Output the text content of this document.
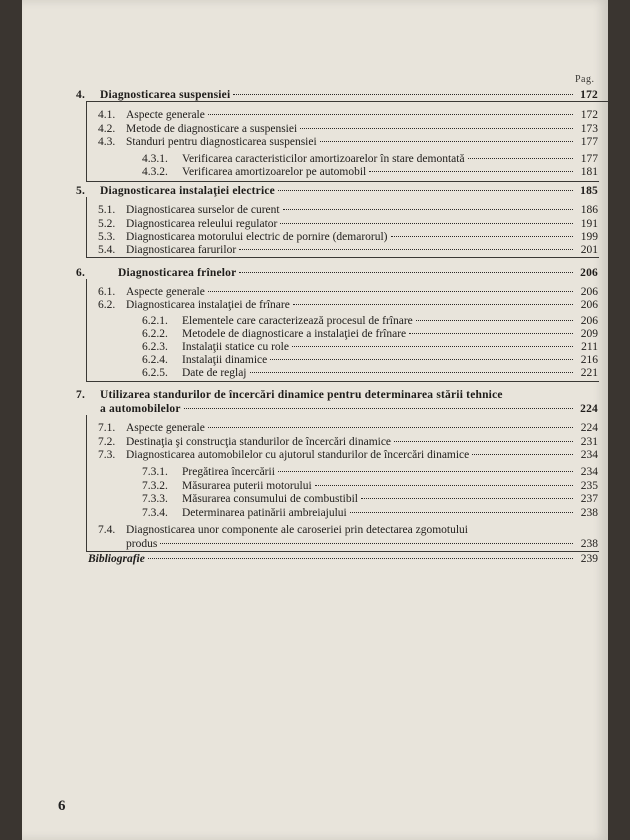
Pag.
4.	Diagnosticarea suspensiei	172
4.1. Aspecte generale	172
4.2. Metode de diagnosticare a suspensiei	173
4.3. Standuri pentru diagnosticarea suspensiei	177
4.3.1.	Verificarea caracteristicilor amortizoarelor în stare demontată	177
4.3.2.	Verificarea amortizoarelor pe automobil	181
5.	Diagnosticarea instalaţiei electrice	185
5.1. Diagnosticarea surselor de curent	186
5.2. Diagnosticarea releului regulator	191
5.3. Diagnosticarea motorului electric de pornire (demarorul)	199
5.4. Diagnosticarea farurilor	201
6.	Diagnosticarea frînelor	206
6.1. Aspecte generale	206
6.2. Diagnosticarea instalaţiei de frînare	206
6.2.1.	Elementele care caracterizează procesul de frînare	206
6.2.2.	Metodele de diagnosticare a instalaţiei de frînare	209
6.2.3.	Instalaţii statice cu role	211
6.2.4.	Instalaţii dinamice	216
6.2.5.	Date de reglaj	221
7. Utilizarea standurilor de încercări dinamice pentru determinarea stării tehnice
a automobilelor	224
7.1. Aspecte generale	224
7.2. Destinaţia şi construcţia standurilor de încercări dinamice	231
7.3. Diagnosticarea automobilelor cu ajutorul standurilor de încercări dinamice	234
7.3.1.	Pregătirea încercării	234
7.3.2.	Măsurarea puterii motorului	235
7.3.3.	Măsurarea consumului de combustibil	237
7.3.4.	Determinarea patinării ambreiajului	238
7.4. Diagnosticarea unor componente ale caroseriei prin detectarea zgomotului
produs	238
Bibliografie	239
6
